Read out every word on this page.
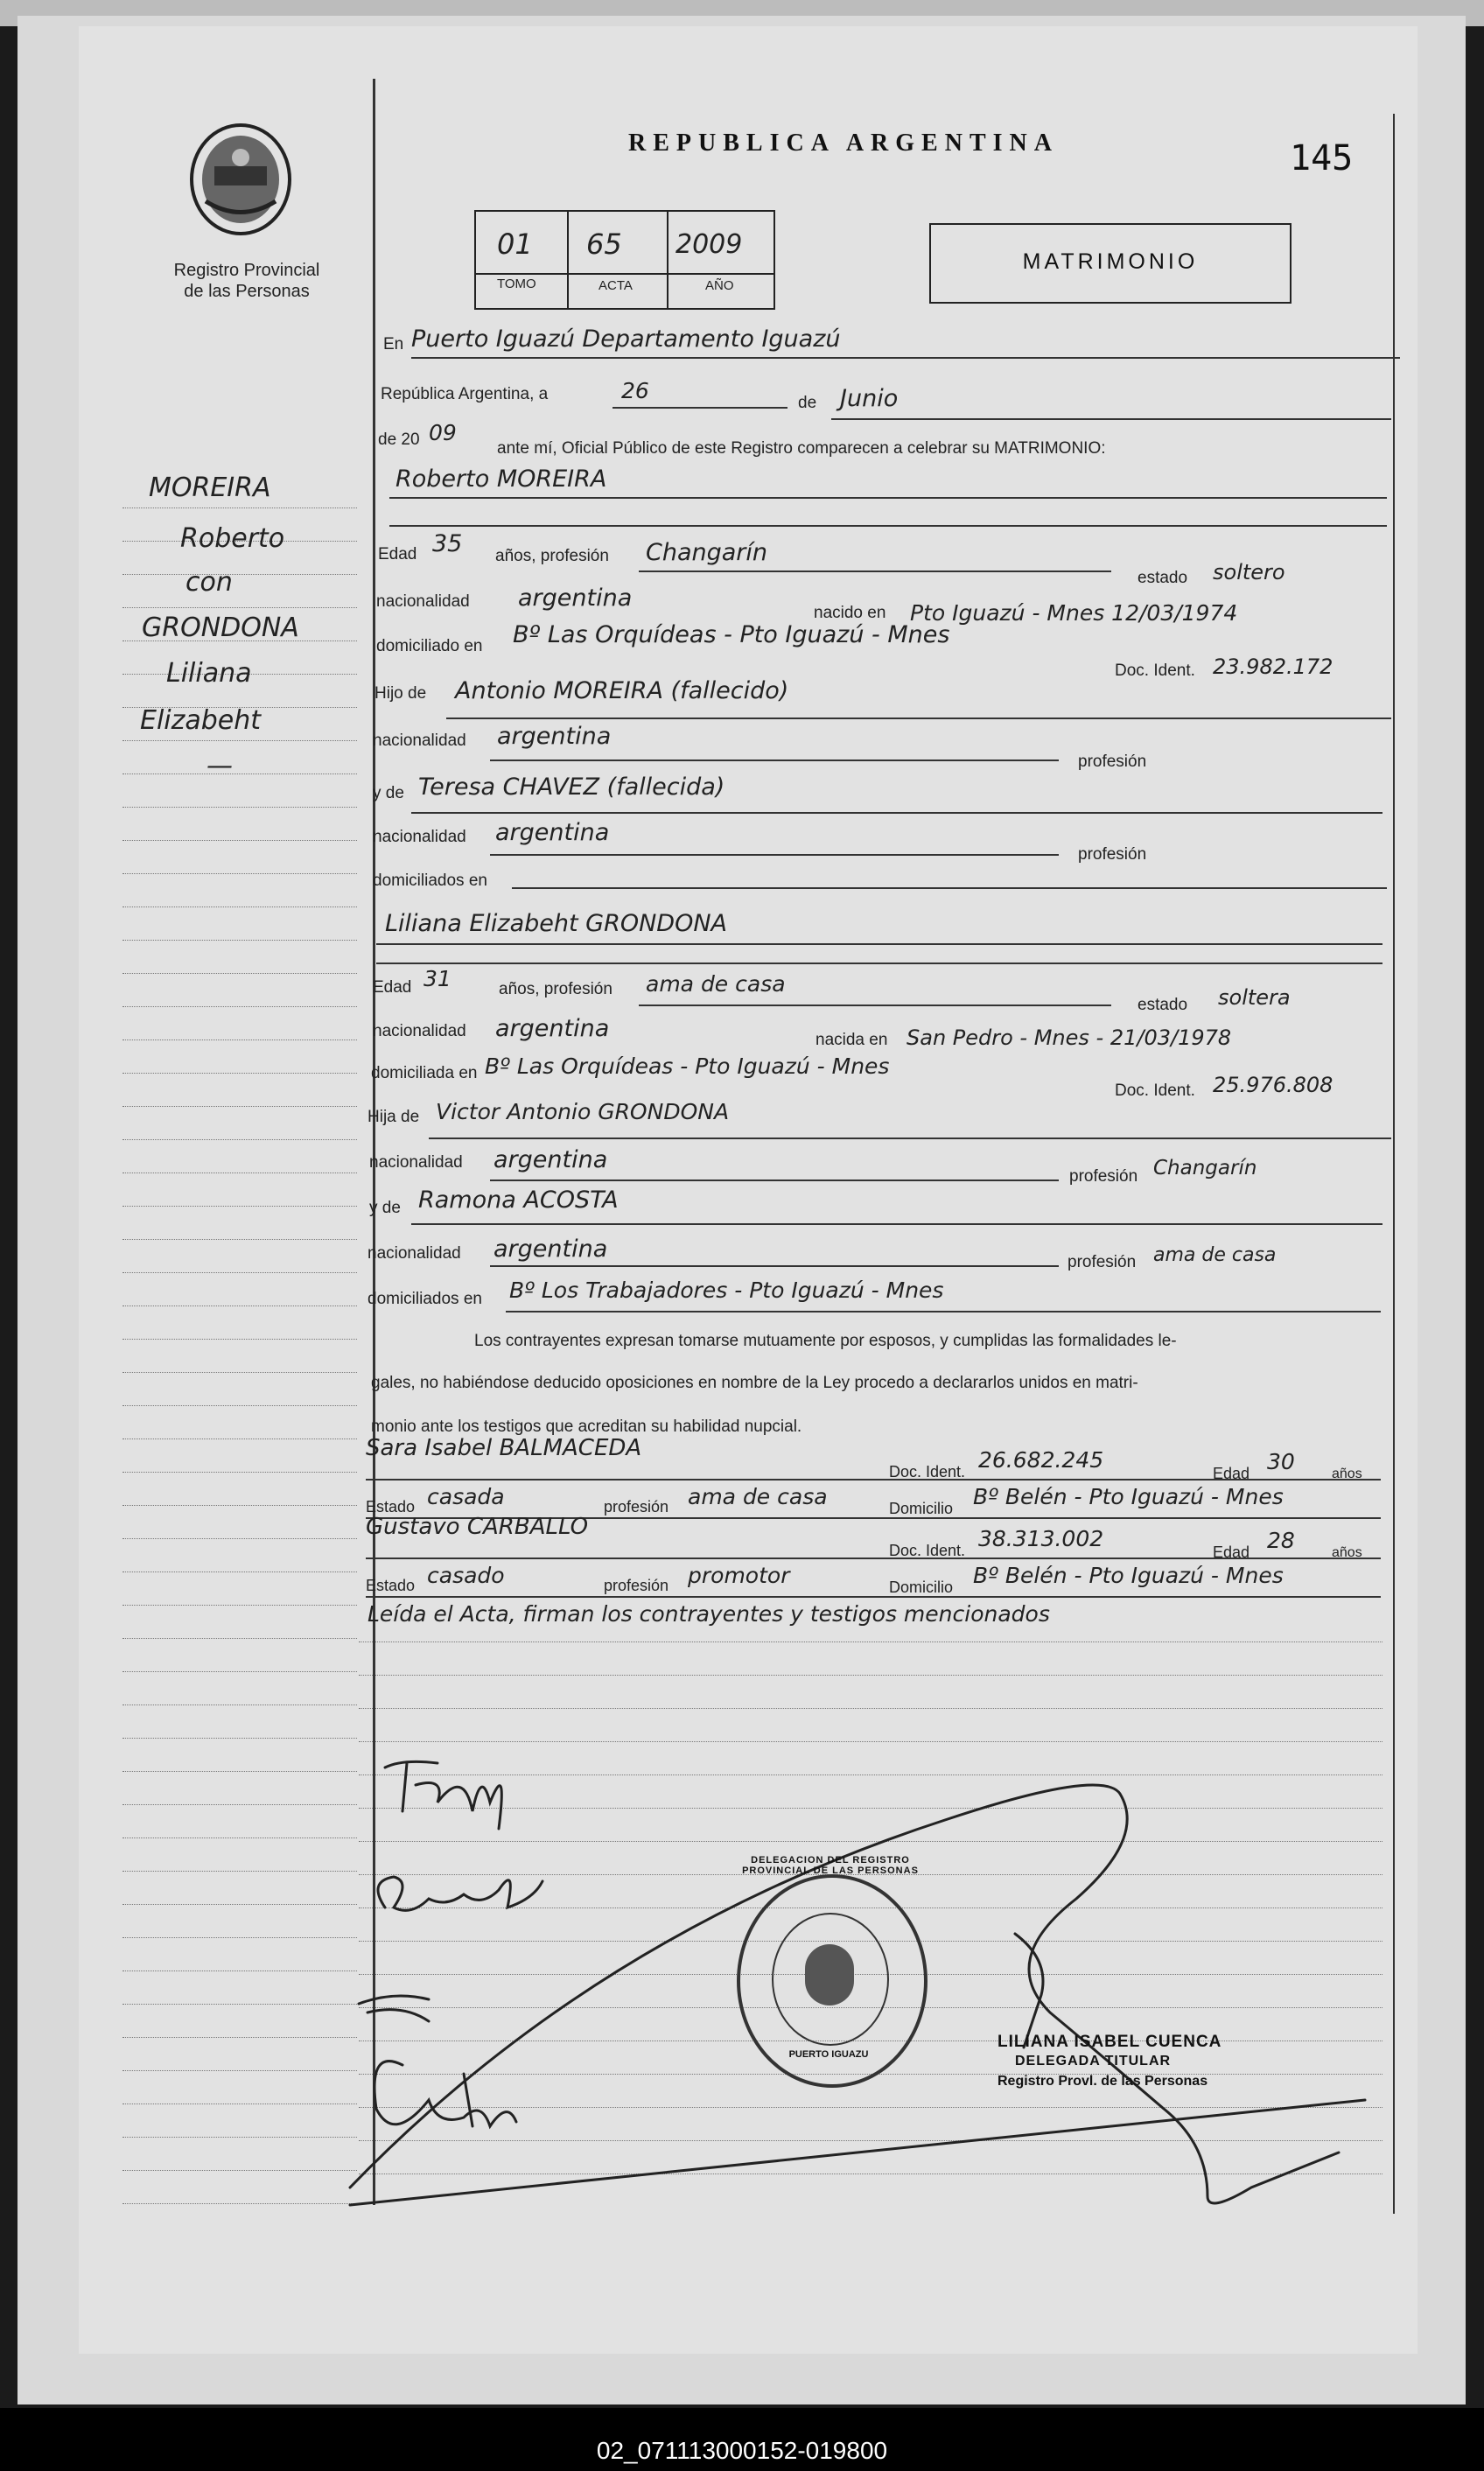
Registro Provincial
de las Personas
REPUBLICA ARGENTINA	145
01 65 2009
TOMO	ACTA	AÑO
MATRIMONIO
MOREIRA
Roberto
con
GRONDONA
Liliana
Elizabeht
—
En Puerto Iguazú Departamento Iguazú
República Argentina, a	26	de Junio
de 20 09
ante mí, Oficial Público de este Registro comparecen a celebrar su MATRIMONIO:
Roberto MOREIRA
Edad 35 años, profesión Changarín
estado soltero
nacionalidad argentina
nacido en Pto Iguazú - Mnes 12/03/1974
domiciliado en Bº Las Orquídeas - Pto Iguazú - Mnes
Doc. Ident. 23.982.172
Hijo de Antonio MOREIRA (fallecido)
nacionalidad argentina
profesión
y de Teresa CHAVEZ (fallecida)
nacionalidad argentina
profesión
domiciliados en
Liliana Elizabeht GRONDONA
Edad 31	años, profesión ama de casa
estado soltera
nacionalidad argentina	nacida en San Pedro - Mnes - 21/03/1978
domiciliada en Bº Las Orquídeas - Pto Iguazú - Mnes
Doc. Ident. 25.976.808
Hija de Victor Antonio GRONDONA
nacionalidad argentina
profesión Changarín
y de Ramona ACOSTA
nacionalidad argentina	profesión ama de casa
domiciliados en Bº Los Trabajadores - Pto Iguazú - Mnes
Los contrayentes expresan tomarse mutuamente por esposos, y cumplidas las formalidades le-
gales, no habiéndose deducido oposiciones en nombre de la Ley procedo a declararlos unidos en matri-
monio ante los testigos que acreditan su habilidad nupcial.
Sara Isabel BALMACEDA
Doc. Ident. 26.682.245
Edad 30	años
Estado casada	profesión ama de casa	Domicilio Bº Belén - Pto Iguazú - Mnes
Gustavo CARBALLO
Doc. Ident. 38.313.002
Edad 28	años
Estado casado	profesión promotor	Domicilio Bº Belén - Pto Iguazú - Mnes
Leída el Acta, firman los contrayentes y testigos mencionados
DELEGACION DEL REGISTRO PROVINCIAL DE LAS PERSONAS
PUERTO IGUAZU
LILIANA ISABEL CUENCA
DELEGADA TITULAR
Registro Provl. de las Personas
02_071113000152-019800
